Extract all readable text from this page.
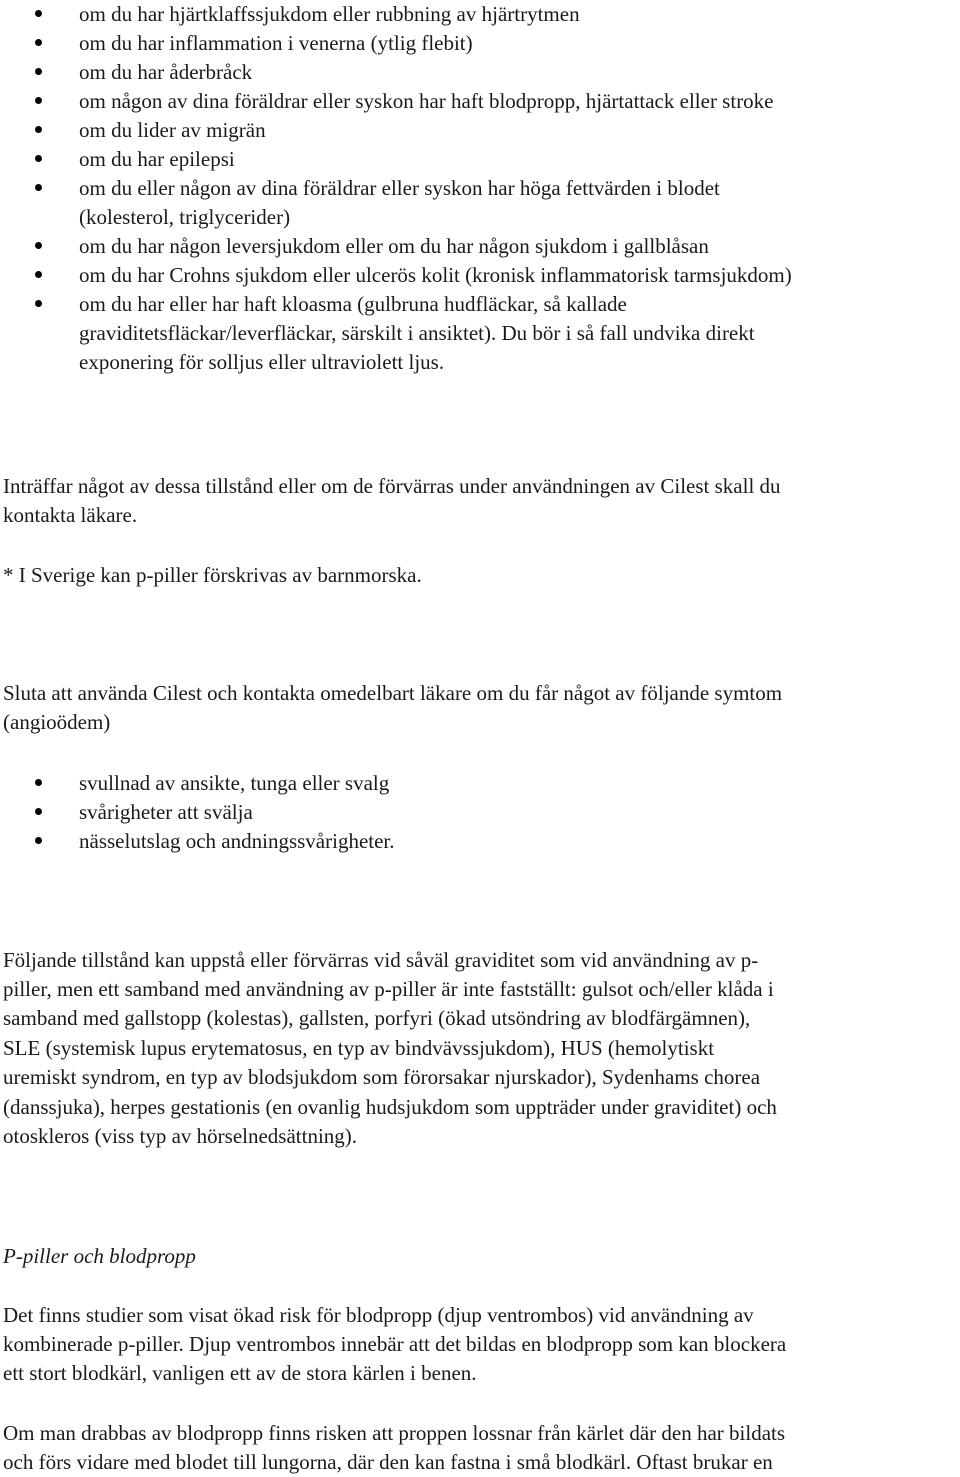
om du har hjärtklaffssjukdom eller rubbning av hjärtrytmen
om du har inflammation i venerna (ytlig flebit)
om du har åderbråck
om någon av dina föräldrar eller syskon har haft blodpropp, hjärtattack eller stroke
om du lider av migrän
om du har epilepsi
om du eller någon av dina föräldrar eller syskon har höga fettvärden i blodet
(kolesterol, triglycerider)
om du har någon leversjukdom eller om du har någon sjukdom i gallblåsan
om du har Crohns sjukdom eller ulcerös kolit (kronisk inflammatorisk tarmsjukdom)
om du har eller har haft kloasma (gulbruna hudfläckar, så kallade
graviditetsfläckar/leverfläckar, särskilt i ansiktet). Du bör i så fall undvika direkt
exponering för solljus eller ultraviolett ljus.
Inträffar något av dessa tillstånd eller om de förvärras under användningen av Cilest skall du
kontakta läkare.
* I Sverige kan p-piller förskrivas av barnmorska.
Sluta att använda Cilest och kontakta omedelbart läkare om du får något av följande symtom
(angioödem)
svullnad av ansikte, tunga eller svalg
svårigheter att svälja
nässelutslag och andningssvårigheter.
Följande tillstånd kan uppstå eller förvärras vid såväl graviditet som vid användning av p-
piller, men ett samband med användning av p-piller är inte fastställt: gulsot och/eller klåda i
samband med gallstopp (kolestas), gallsten, porfyri (ökad utsöndring av blodfärgämnen),
SLE (systemisk lupus erytematosus, en typ av bindvävssjukdom), HUS (hemolytiskt
uremiskt syndrom, en typ av blodsjukdom som förorsakar njurskador), Sydenhams chorea
(danssjuka), herpes gestationis (en ovanlig hudsjukdom som uppträder under graviditet) och
otoskleros (viss typ av hörselnedsättning).
P-piller och blodpropp
Det finns studier som visat ökad risk för blodpropp (djup ventrombos) vid användning av
kombinerade p-piller. Djup ventrombos innebär att det bildas en blodpropp som kan blockera
ett stort blodkärl, vanligen ett av de stora kärlen i benen.
Om man drabbas av blodpropp finns risken att proppen lossnar från kärlet där den har bildats
och förs vidare med blodet till lungorna, där den kan fastna i små blodkärl. Oftast brukar en
